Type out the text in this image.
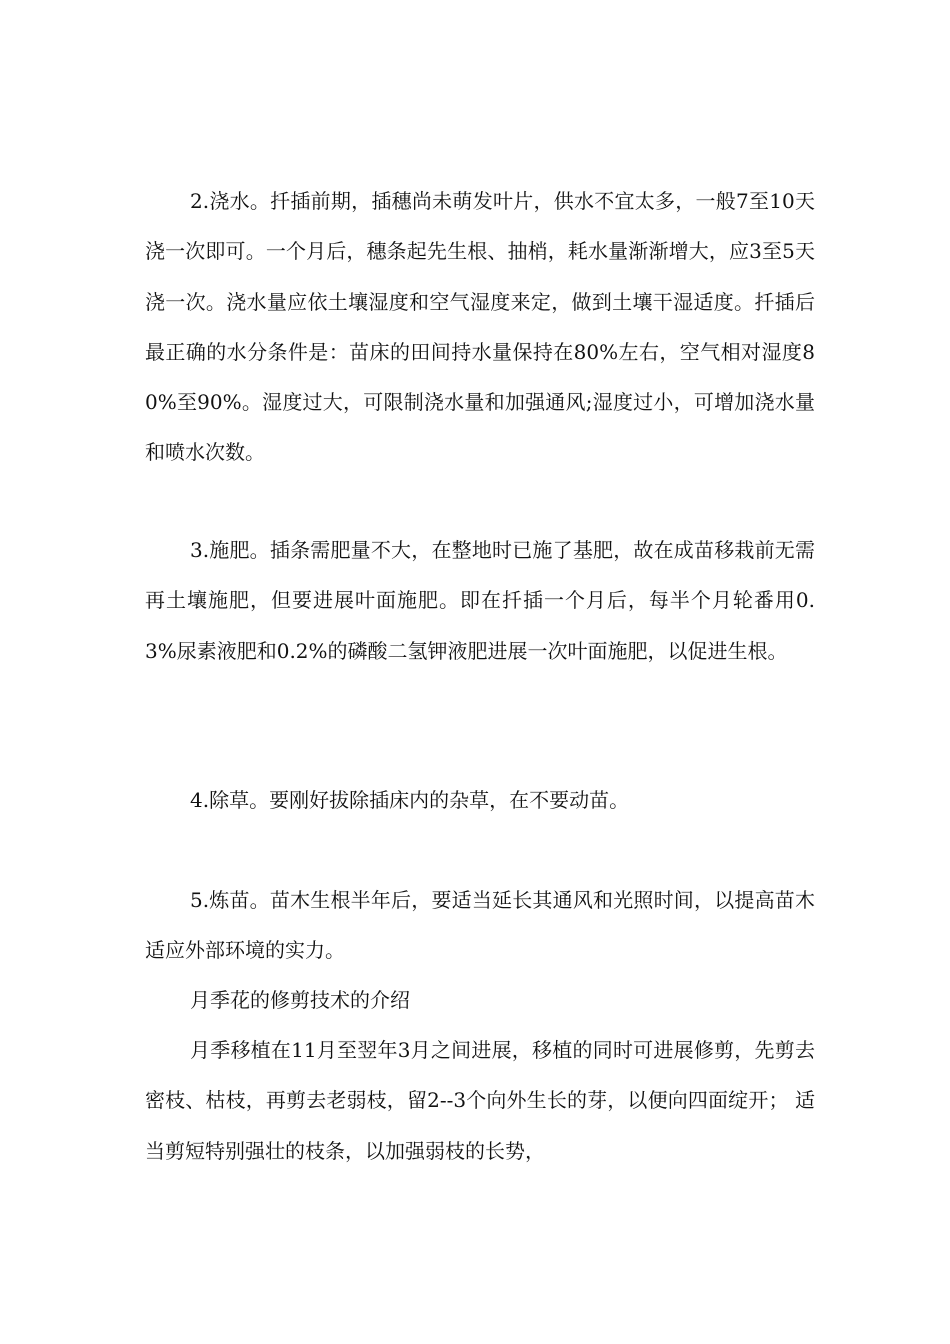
2.浇水。扦插前期，插穗尚未萌发叶片，供水不宜太多，一般7至10天浇一次即可。一个月后，穗条起先生根、抽梢，耗水量渐渐增大，应3至5天浇一次。浇水量应依土壤湿度和空气湿度来定，做到土壤干湿适度。扦插后最正确的水分条件是：苗床的田间持水量保持在80%左右，空气相对湿度80%至90%。湿度过大，可限制浇水量和加强通风;湿度过小，可增加浇水量和喷水次数。

3.施肥。插条需肥量不大，在整地时已施了基肥，故在成苗移栽前无需再土壤施肥，但要进展叶面施肥。即在扦插一个月后，每半个月轮番用0.3%尿素液肥和0.2%的磷酸二氢钾液肥进展一次叶面施肥，以促进生根。

4.除草。要刚好拔除插床内的杂草，在不要动苗。

5.炼苗。苗木生根半年后，要适当延长其通风和光照时间，以提高苗木适应外部环境的实力。

月季花的修剪技术的介绍

月季移植在11月至翌年3月之间进展，移植的同时可进展修剪，先剪去密枝、枯枝，再剪去老弱枝，留2--3个向外生长的芽，以便向四面绽开； 适当剪短特别强壮的枝条，以加强弱枝的长势，
